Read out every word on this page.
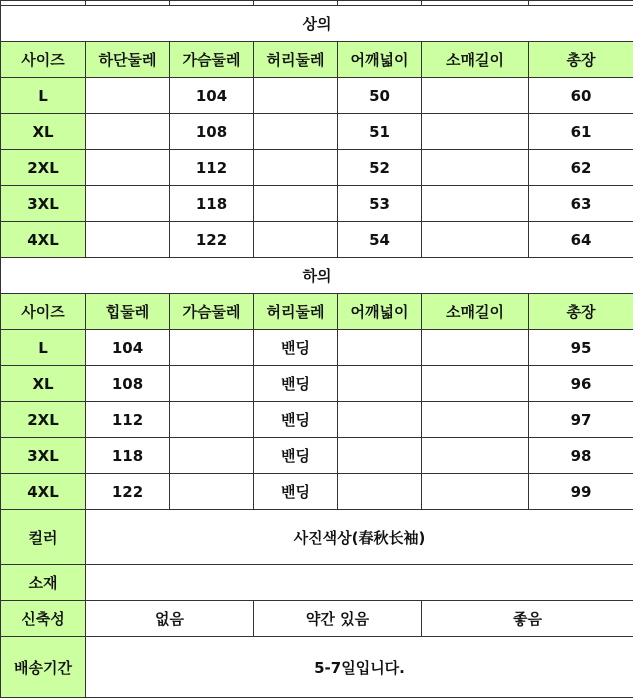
상의						
사이즈	하단둘레	가슴둘레	허리둘레	어깨넓이	소매길이	총장
L		104		50		60
XL		108		51		61
2XL		112		52		62
3XL		118		53		63
4XL		122		54		64
하의						
사이즈	힙둘레	가슴둘레	허리둘레	어깨넓이	소매길이	총장
L	104		밴딩			95
XL	108		밴딩			96
2XL	112		밴딩			97
3XL	118		밴딩			98
4XL	122		밴딩			99
컬러	사진색상(春秋长袖)					
소재						
신축성	없음		약간 있음		좋음	
배송기간	5-7일입니다.					
